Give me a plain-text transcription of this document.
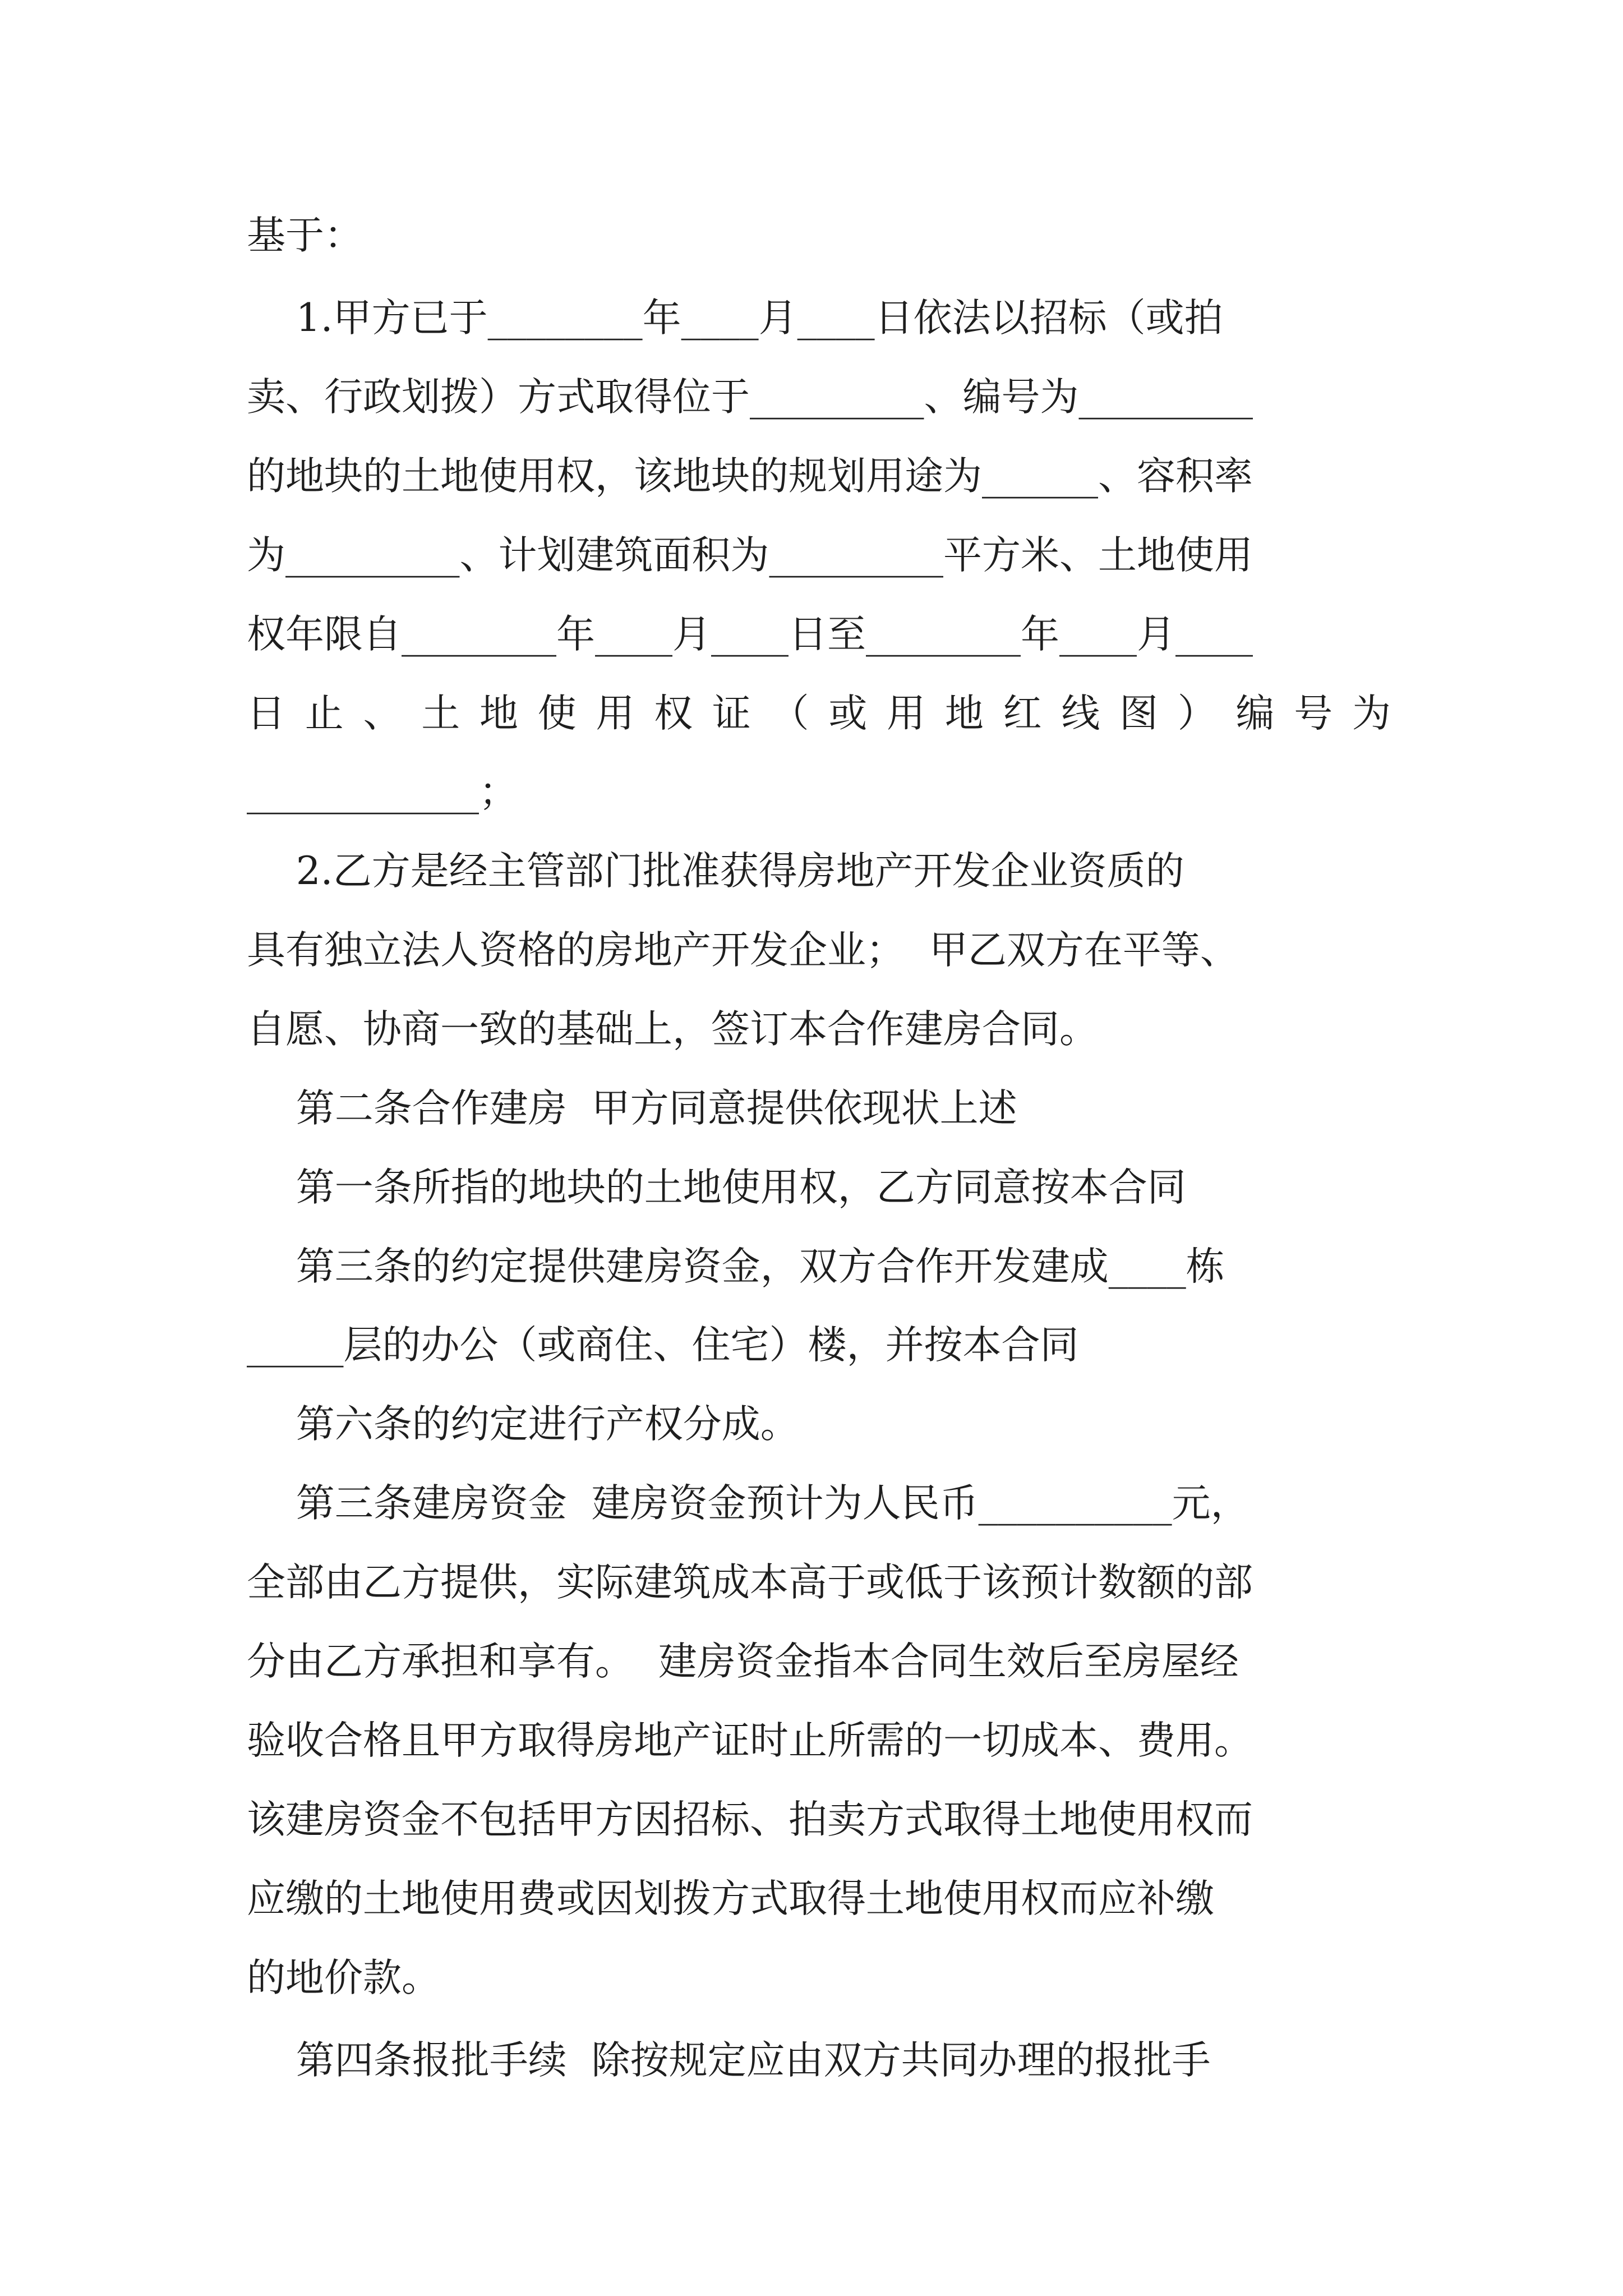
基于：
1.甲方已于________年____月____日依法以招标（或拍
卖、行政划拨）方式取得位于_________、编号为_________
的地块的土地使用权，该地块的规划用途为______、容积率
为_________、计划建筑面积为_________平方米、土地使用
权年限自________年____月____日至________年____月____
日止、土地使用权证（或用地红线图）编号为
____________；
2.乙方是经主管部门批准获得房地产开发企业资质的
具有独立法人资格的房地产开发企业；  甲乙双方在平等、
自愿、协商一致的基础上，签订本合作建房合同。
第二条合作建房  甲方同意提供依现状上述
第一条所指的地块的土地使用权，乙方同意按本合同
第三条的约定提供建房资金，双方合作开发建成____栋
_____层的办公（或商住、住宅）楼，并按本合同
第六条的约定进行产权分成。
第三条建房资金  建房资金预计为人民币__________元，
全部由乙方提供，实际建筑成本高于或低于该预计数额的部
分由乙方承担和享有。  建房资金指本合同生效后至房屋经
验收合格且甲方取得房地产证时止所需的一切成本、费用。
该建房资金不包括甲方因招标、拍卖方式取得土地使用权而
应缴的土地使用费或因划拨方式取得土地使用权而应补缴
的地价款。
第四条报批手续  除按规定应由双方共同办理的报批手
